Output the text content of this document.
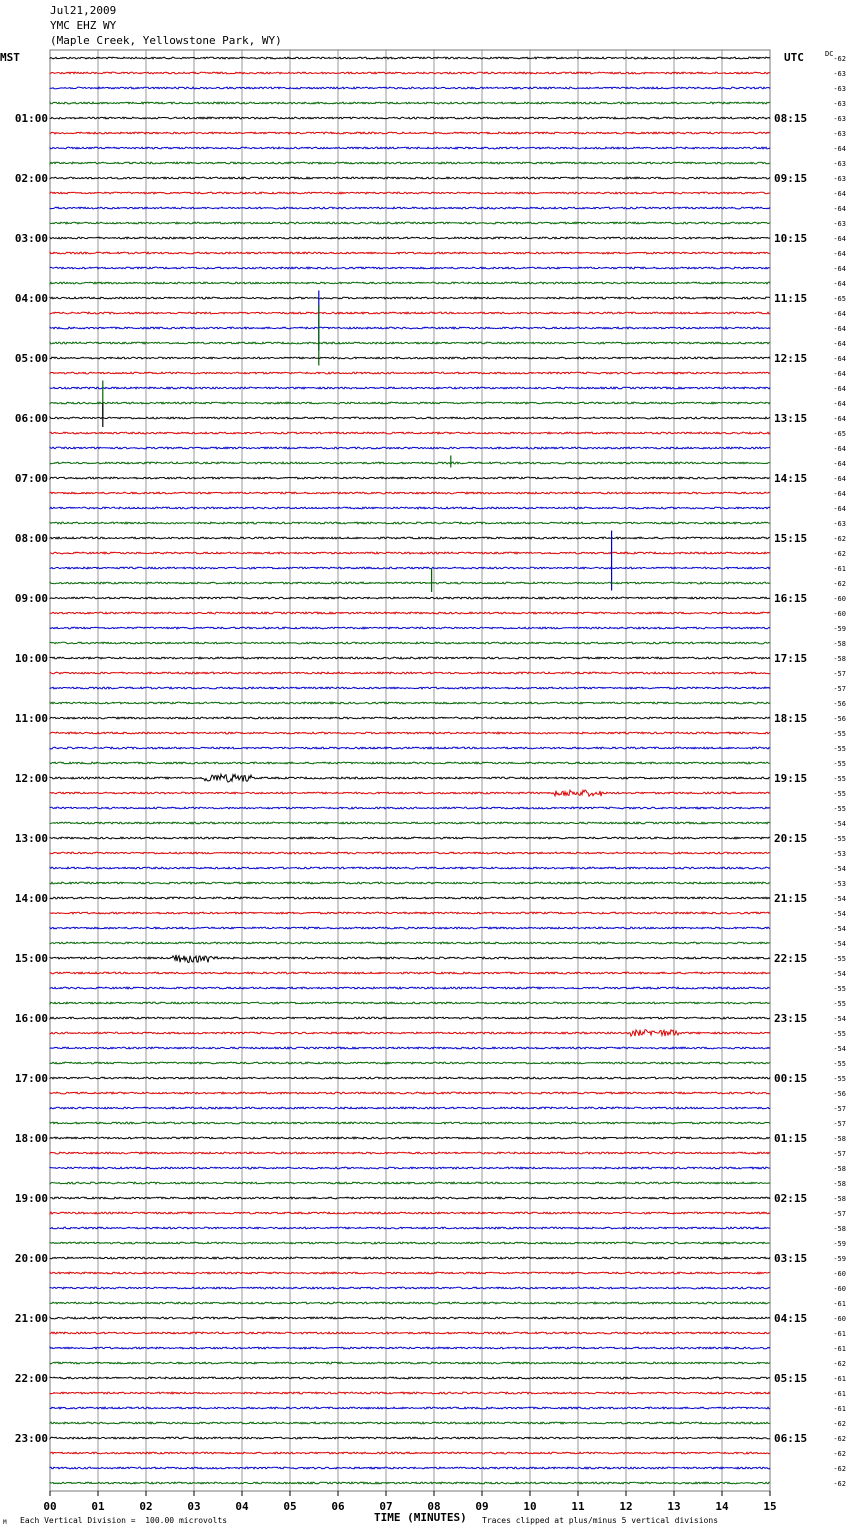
Jul21,2009
YMC EHZ WY
(Maple Creek, Yellowstone Park, WY)
-62
-63
-63
-63
-63
01:00	08:15
-63
-64
-63
-63
02:00	09:15
-64
-64
-63
-64
03:00	10:15
-64
-64
-64
-65
04:00	11:15
-64
-64
-64
-64
05:00	12:15
-64
-64
-64
-64
06:00	13:15
-65
-64
-64
-64
07:00	14:15
-64
-64
-63
-62
08:00	15:15
-62
-61
-62
-60
09:00	16:15
-60
-59
-58
-58
10:00	17:15
-57
-57
-56
-56
11:00	18:15
-55
-55
-55
-55
12:00	19:15
-55
-55
-54
-55
13:00	20:15
-53
-54
-53
-54
14:00	21:15
-54
-54
-54
-55
15:00	22:15
-54
-55
-55
-54
16:00	23:15
-55
-54
-55
-55
17:00	00:15
-56
-57
-57
-58
18:00	01:15
-57
-58
-58
-58
19:00	02:15
-57
-58
-59
-59
20:00	03:15
-60
-60
-61
-60
21:00	04:15
-61
-61
-62
-61
22:00	05:15
-61
-61
-62
-62
23:00	06:15
-62
-62
-62
MST	UTC	DC
00	01	02	03	04	05	06	07	08	09	10	11	12	13	14	15
TIME (MINUTES)
Each Vertical Division =  100.00 microvolts	Traces clipped at plus/minus 5 vertical divisions
M
